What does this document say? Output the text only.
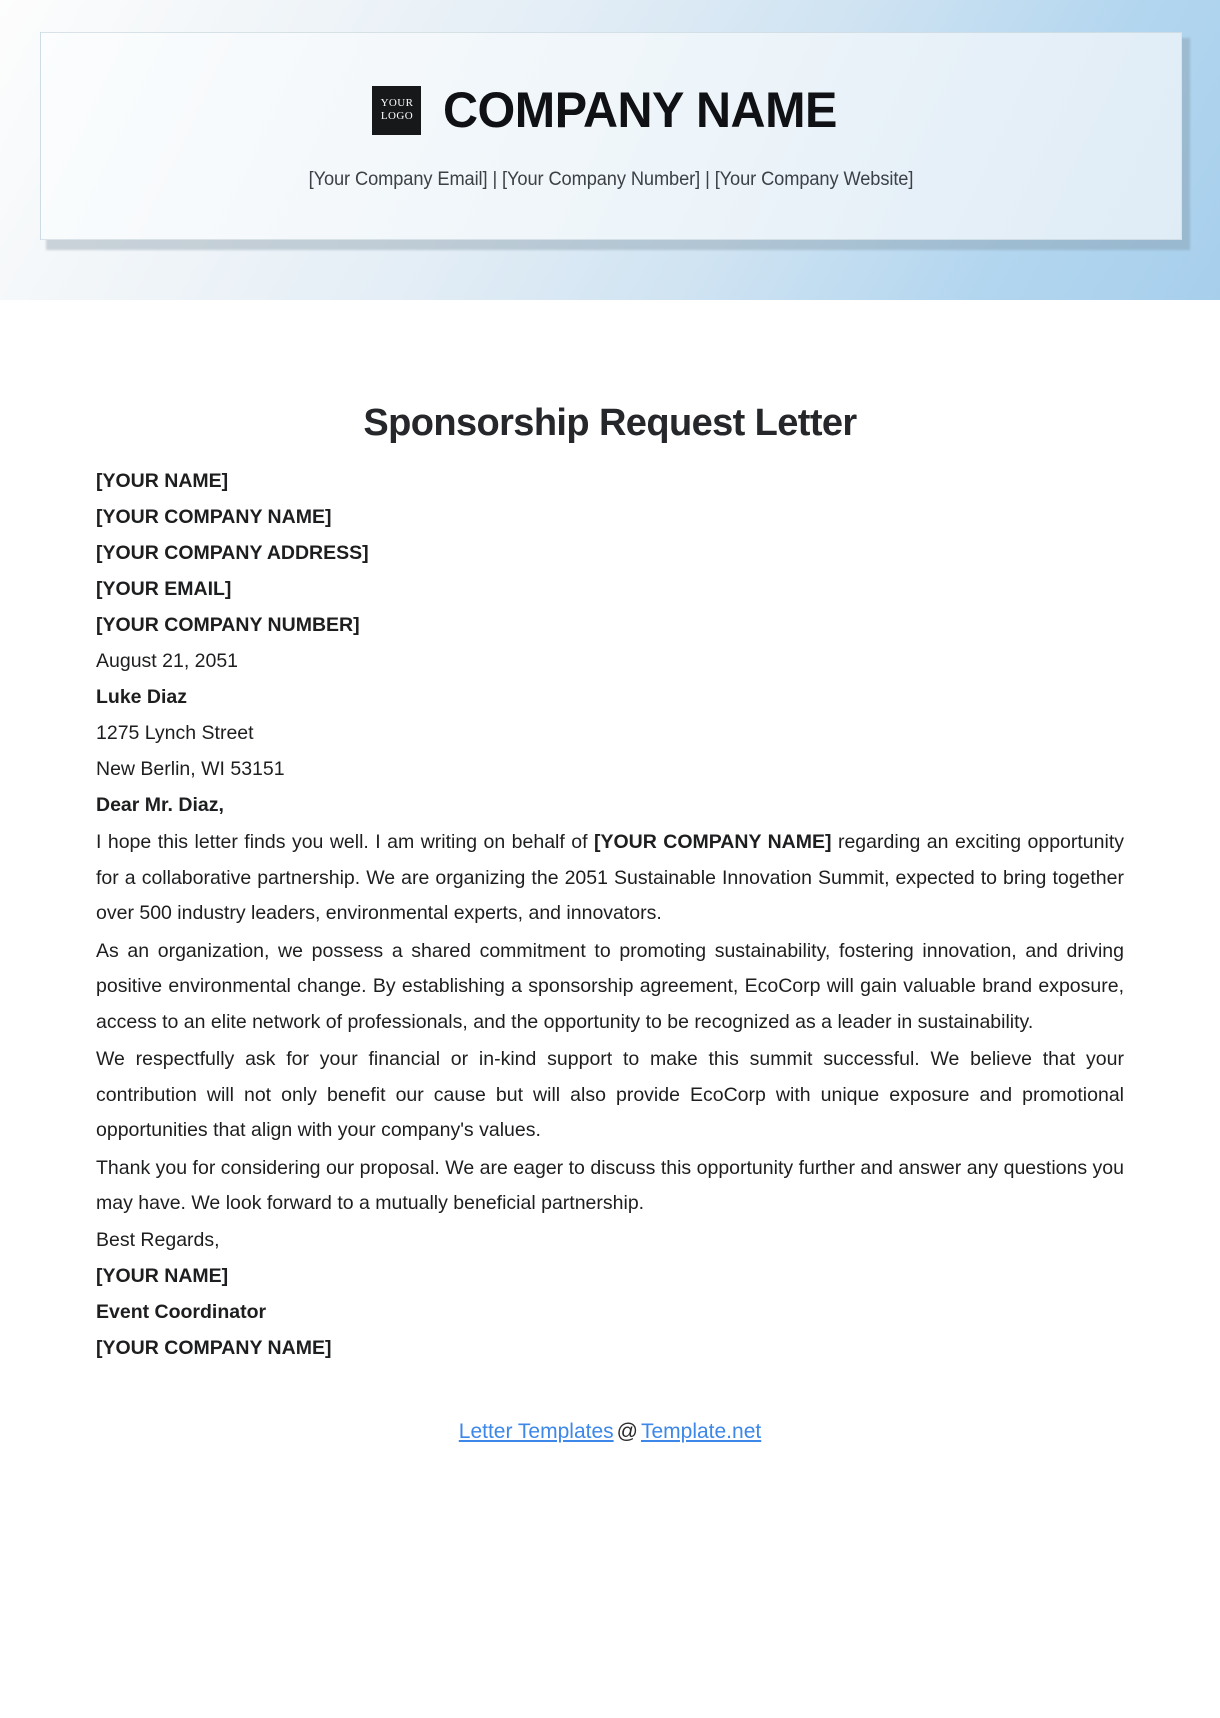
YOUR
LOGO COMPANY NAME
[Your Company Email] | [Your Company Number] | [Your Company Website]
Sponsorship Request Letter
[YOUR NAME]
[YOUR COMPANY NAME]
[YOUR COMPANY ADDRESS]
[YOUR EMAIL]
[YOUR COMPANY NUMBER]
August 21, 2051
Luke Diaz
1275 Lynch Street
New Berlin, WI 53151
Dear Mr. Diaz,

I hope this letter finds you well. I am writing on behalf of [YOUR COMPANY NAME] regarding an exciting opportunity for a collaborative partnership. We are organizing the 2051 Sustainable Innovation Summit, expected to bring together over 500 industry leaders, environmental experts, and innovators.

As an organization, we possess a shared commitment to promoting sustainability, fostering innovation, and driving positive environmental change. By establishing a sponsorship agreement, EcoCorp will gain valuable brand exposure, access to an elite network of professionals, and the opportunity to be recognized as a leader in sustainability.

We respectfully ask for your financial or in-kind support to make this summit successful. We believe that your contribution will not only benefit our cause but will also provide EcoCorp with unique exposure and promotional opportunities that align with your company's values.

Thank you for considering our proposal. We are eager to discuss this opportunity further and answer any questions you may have. We look forward to a mutually beneficial partnership.

Best Regards,
[YOUR NAME]
Event Coordinator
[YOUR COMPANY NAME]
Letter Templates @ Template.net
